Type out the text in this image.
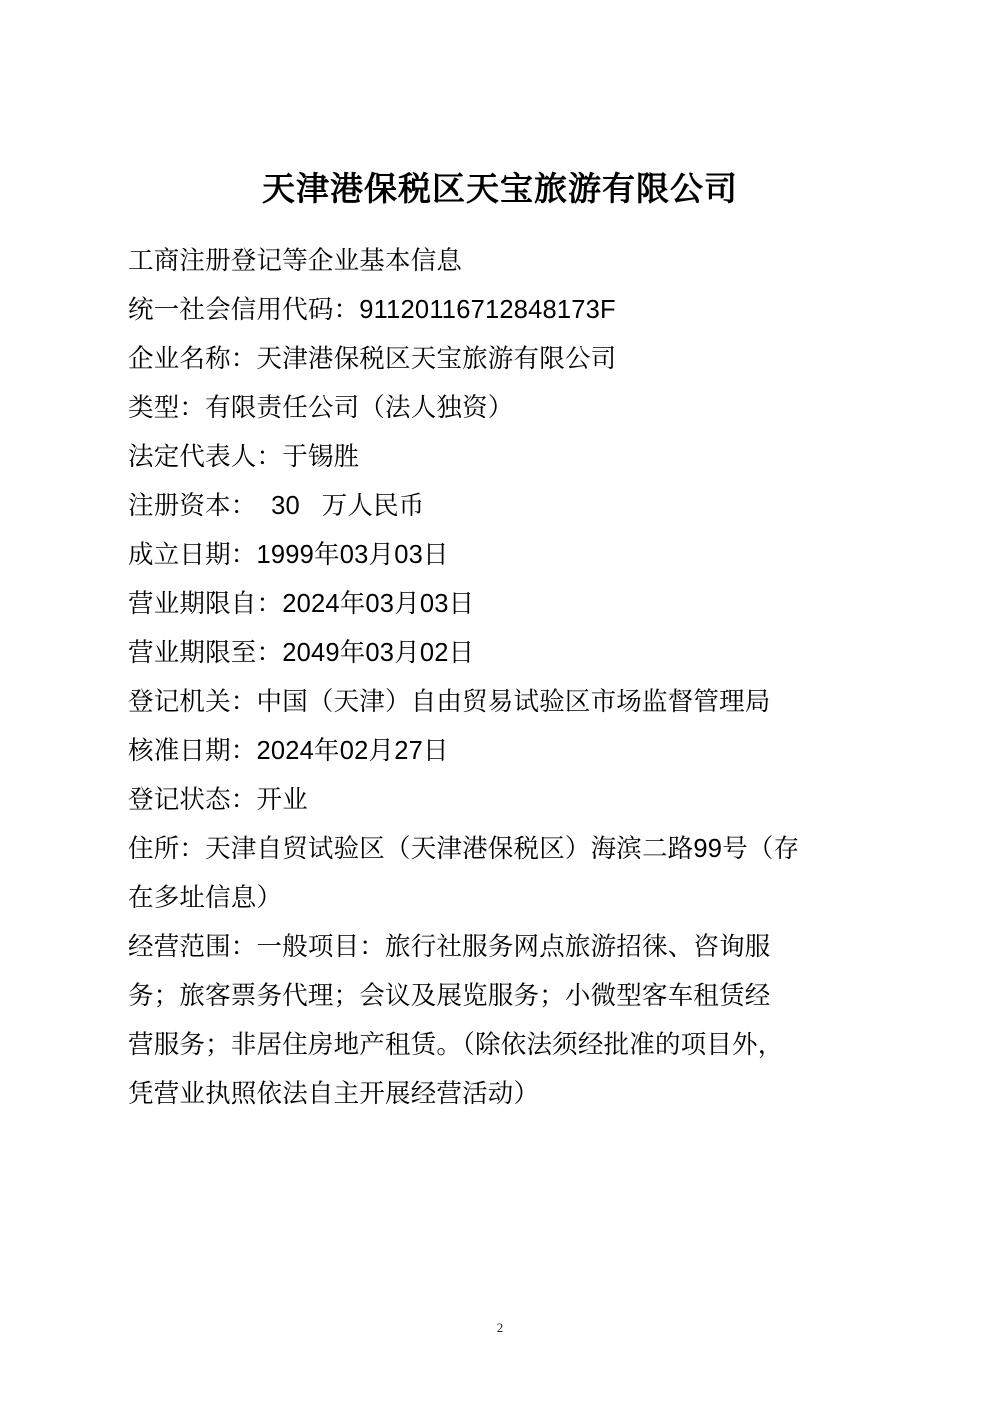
天津港保税区天宝旅游有限公司
工商注册登记等企业基本信息
统一社会信用代码：91120116712848173F
企业名称：天津港保税区天宝旅游有限公司
类型：有限责任公司（法人独资）
法定代表人：于锡胜
注册资本：  30   万人民币
成立日期：1999年03月03日
营业期限自：2024年03月03日
营业期限至：2049年03月02日
登记机关：中国（天津）自由贸易试验区市场监督管理局
核准日期：2024年02月27日
登记状态：开业
住所：天津自贸试验区（天津港保税区）海滨二路99号（存
在多址信息）
经营范围：一般项目：旅行社服务网点旅游招徕、咨询服
务；旅客票务代理；会议及展览服务；小微型客车租赁经
营服务；非居住房地产租赁。（除依法须经批准的项目外，
凭营业执照依法自主开展经营活动）
2
